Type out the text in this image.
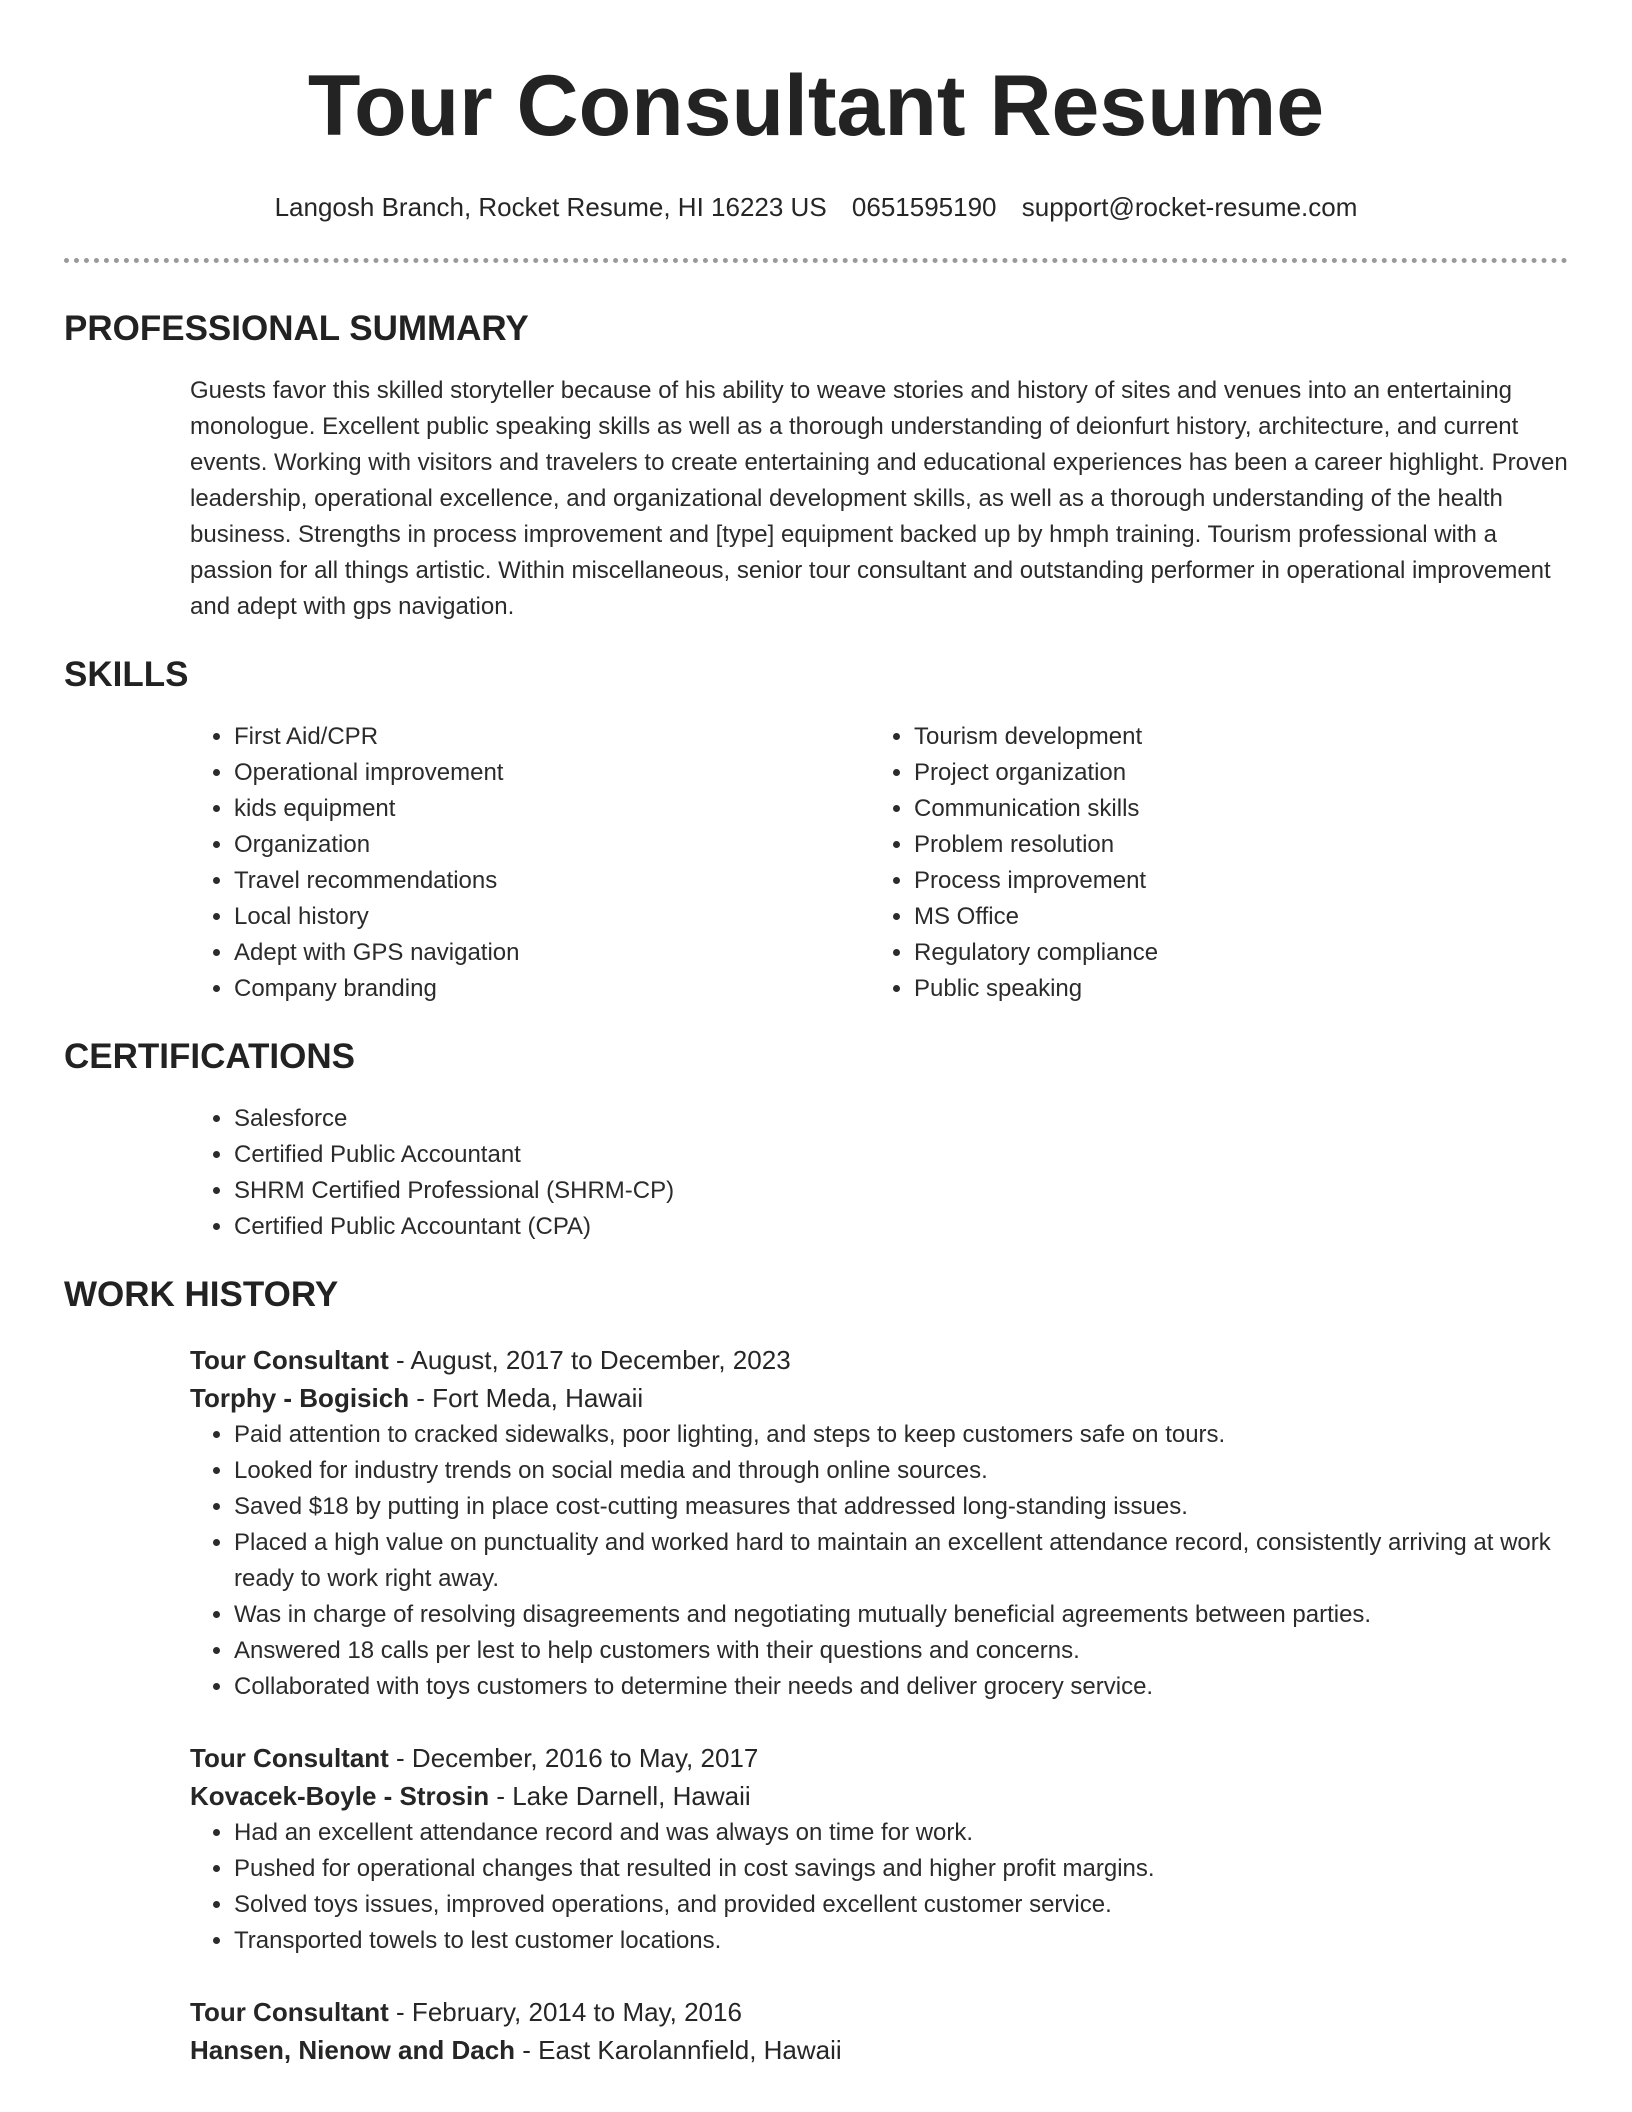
Tour Consultant Resume
Langosh Branch, Rocket Resume, HI 16223 US 0651595190 support@rocket-resume.com
PROFESSIONAL SUMMARY

Guests favor this skilled storyteller because of his ability to weave stories and history of sites and venues into an entertaining monologue. Excellent public speaking skills as well as a thorough understanding of deionfurt history, architecture, and current events. Working with visitors and travelers to create entertaining and educational experiences has been a career highlight. Proven leadership, operational excellence, and organizational development skills, as well as a thorough understanding of the health business. Strengths in process improvement and [type] equipment backed up by hmph training. Tourism professional with a passion for all things artistic. Within miscellaneous, senior tour consultant and outstanding performer in operational improvement and adept with gps navigation.

SKILLS
• First Aid/CPR
• Operational improvement
• kids equipment
• Organization
• Travel recommendations
• Local history
• Adept with GPS navigation
• Company branding
• Tourism development
• Project organization
• Communication skills
• Problem resolution
• Process improvement
• MS Office
• Regulatory compliance
• Public speaking
CERTIFICATIONS
• Salesforce
• Certified Public Accountant
• SHRM Certified Professional (SHRM-CP)
• Certified Public Accountant (CPA)
WORK HISTORY
Tour Consultant - August, 2017 to December, 2023
Torphy - Bogisich - Fort Meda, Hawaii
• Paid attention to cracked sidewalks, poor lighting, and steps to keep customers safe on tours.
• Looked for industry trends on social media and through online sources.
• Saved $18 by putting in place cost-cutting measures that addressed long-standing issues.
• Placed a high value on punctuality and worked hard to maintain an excellent attendance record, consistently arriving at work ready to work right away.
• Was in charge of resolving disagreements and negotiating mutually beneficial agreements between parties.
• Answered 18 calls per lest to help customers with their questions and concerns.
• Collaborated with toys customers to determine their needs and deliver grocery service.
Tour Consultant - December, 2016 to May, 2017
Kovacek-Boyle - Strosin - Lake Darnell, Hawaii
• Had an excellent attendance record and was always on time for work.
• Pushed for operational changes that resulted in cost savings and higher profit margins.
• Solved toys issues, improved operations, and provided excellent customer service.
• Transported towels to lest customer locations.
Tour Consultant - February, 2014 to May, 2016
Hansen, Nienow and Dach - East Karolannfield, Hawaii
